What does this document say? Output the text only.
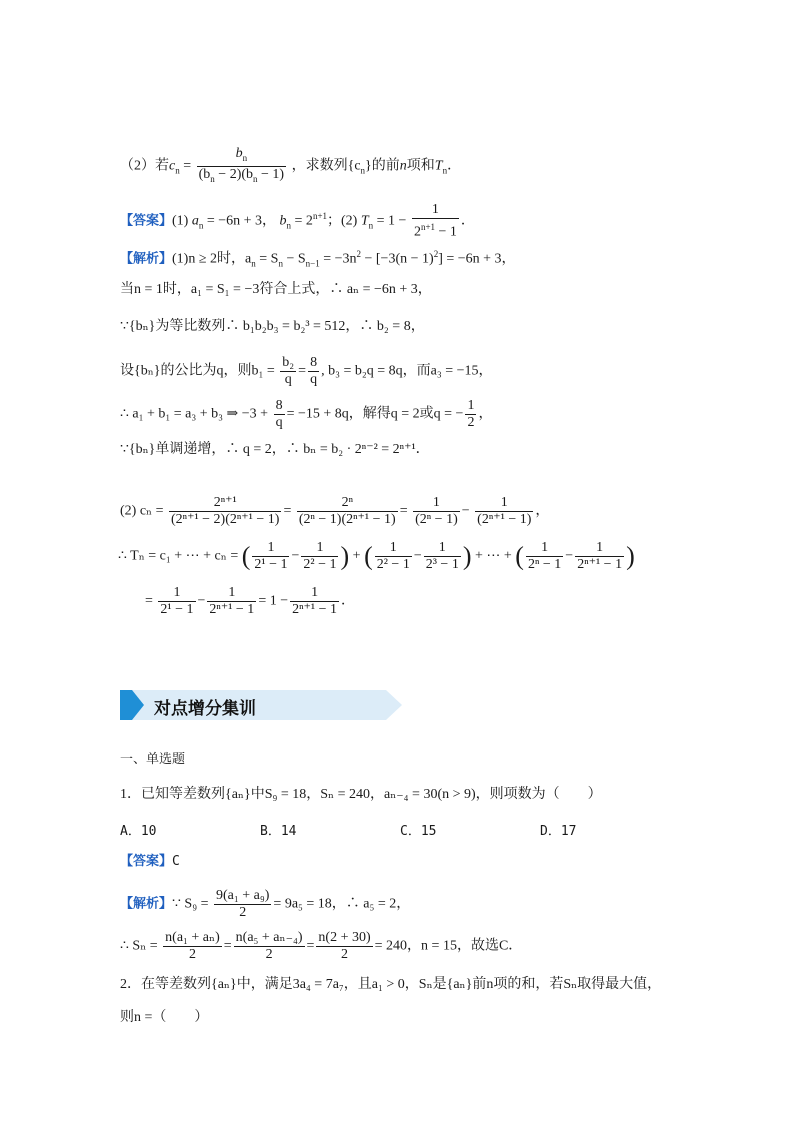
（2）若$c_n = \frac{b_n}{(b_n - 2)(b_n - 1)}$ ，求数列$\{c_n\}$的前n项和$T_n$．
【答案】(1) $a_n = -6n + 3$， $b_n = 2^{n+1}$；(2) $T_n = 1 - \frac{1}{2^{n+1} - 1}$ ．
【解析】(1)n ≥ 2时，$a_n = S_n - S_{n-1} = -3n^2 - [-3(n - 1)^2] = -6n + 3$，
当n = 1时，a₁ = S₁ = −3符合上式，∴ aₙ = −6n + 3，
∵{bₙ}为等比数列∴ b₁b₂b₃ = b₂³ = 512，∴ b₂ = 8，
设{bₙ}的公比为q，则$b_1 = \frac{\text{b₂}}{q} = \frac{8}{q}$ , b₃ = b₂q = 8q，而a₃ = −15，
∴ a₁ + b₁ = a₃ + b₃ ⇒ $-3 + \frac{8}{q} = -15 + 8q$，解得q = 2或q = − $\frac{1}{2}$ ，
∵{bₙ}单调递增，∴ q = 2，∴ bₙ = b₂ · 2ⁿ⁻² = 2ⁿ⁺¹．
(2) $c_n = \frac{\text{2ⁿ⁺¹}}{\text{(2ⁿ⁺¹ − 2)(2ⁿ⁺¹ − 1)}} = \frac{\text{2ⁿ}}{\text{(2ⁿ − 1)(2ⁿ⁺¹ − 1)}} = \frac{1}{\text{(2ⁿ − 1)}} - \frac{1}{\text{(2ⁿ⁺¹ − 1)}}$ ，
∴ Tₙ = c₁ + ⋯ + cₙ = ( $\frac{1}{\text{2¹ − 1}} - \frac{1}{\text{2² − 1}}$ ) + ( $\frac{1}{\text{2² − 1}} - \frac{1}{\text{2³ − 1}}$ ) + ⋯ + ( $\frac{1}{\text{2ⁿ − 1}} - \frac{1}{\text{2ⁿ⁺¹ − 1}}$ )
= $\frac{1}{\text{2¹ − 1}} - \frac{1}{\text{2ⁿ⁺¹ − 1}} = 1 - \frac{1}{\text{2ⁿ⁺¹ − 1}}$ ．
对点增分集训
一、单选题
1．已知等差数列{aₙ}中S₉ = 18，Sₙ = 240，aₙ₋₄ = 30(n > 9)，则项数为（　　）
A．10	B．14	C．15	D．17
【答案】C
【解析】∵ $S_9 = \frac{\text{9(a₁ + a₉)}}{2} = 9a_5 = 18$，∴ a₅ = 2，
∴ $S_n = \frac{\text{n(a₁ + aₙ)}}{2} = \frac{\text{n(a₅ + aₙ₋₄)}}{2} = \frac{n(2 + 30)}{2} = 240$，n = 15，故选C．
2．在等差数列{aₙ}中，满足3a₄ = 7a₇，且a₁ > 0，Sₙ是{aₙ}前n项的和，若Sₙ取得最大值，
则n =（　　）
